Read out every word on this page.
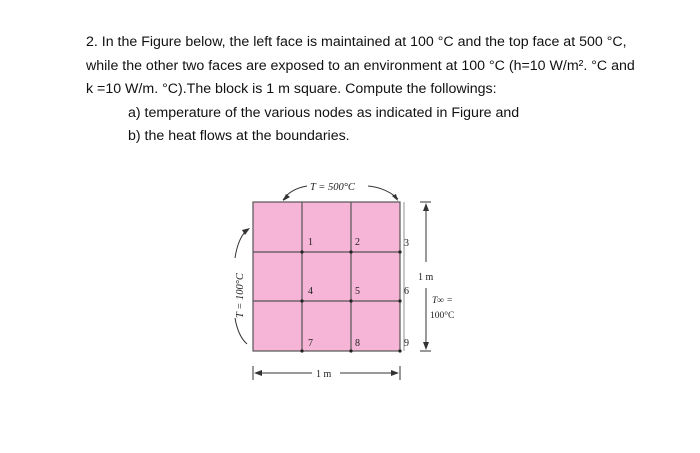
2. In the Figure below, the left face is maintained at 100 °C and the top face at 500 °C,

while the other two faces are exposed to an environment at 100 °C (h=10 W/m². °C and

k =10 W/m. °C).The block is 1 m square. Compute the followings:

a) temperature of the various nodes as indicated in Figure and

b) the heat flows at the boundaries.

1	2	3
4	5	6
7	8	9
T = 500°C
T = 100°C	1 m
T∞ =
100°C
1 m
